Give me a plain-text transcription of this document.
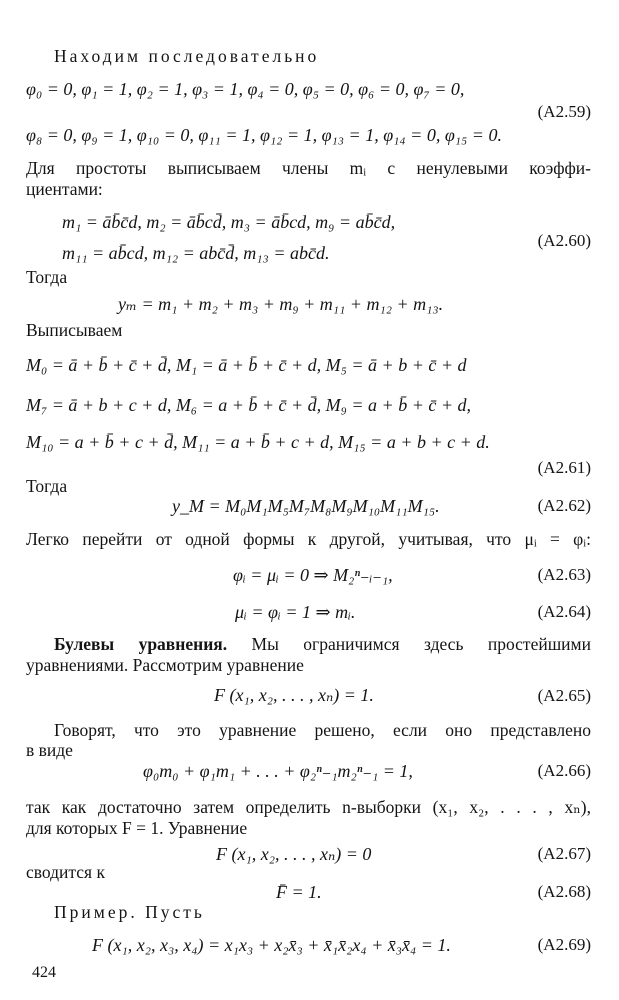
Находим последовательно
φ₀ = 0, φ₁ = 1, φ₂ = 1, φ₃ = 1, φ₄ = 0, φ₅ = 0, φ₆ = 0, φ₇ = 0,
(A2.59)
φ₈ = 0, φ₉ = 1, φ₁₀ = 0, φ₁₁ = 1, φ₁₂ = 1, φ₁₃ = 1, φ₁₄ = 0, φ₁₅ = 0.
Для простоты выписываем члены mᵢ с ненулевыми коэффи-
циентами:
m₁ = āb̄c̄d, m₂ = āb̄cd̄, m₃ = āb̄cd, m₉ = ab̄c̄d,
(A2.60)
m₁₁ = ab̄cd, m₁₂ = abc̄d̄, m₁₃ = abc̄d.
Тогда
yₘ = m₁ + m₂ + m₃ + m₉ + m₁₁ + m₁₂ + m₁₃.
Выписываем
M₀ = ā + b̄ + c̄ + d̄, M₁ = ā + b̄ + c̄ + d, M₅ = ā + b + c̄ + d
M₇ = ā + b + c + d, M₆ = a + b̄ + c̄ + d̄, M₉ = a + b̄ + c̄ + d,
M₁₀ = a + b̄ + c + d̄, M₁₁ = a + b̄ + c + d, M₁₅ = a + b + c + d.
(A2.61)
Тогда
y_M = M₀M₁M₅M₇M₈M₉M₁₀M₁₁M₁₅.	(A2.62)
Легко перейти от одной формы к другой, учитывая, что μᵢ = φᵢ:
φᵢ = μᵢ = 0 ⇒ M₂ⁿ₋ᵢ₋₁,	(A2.63)
μᵢ = φᵢ = 1 ⇒ mᵢ.	(A2.64)
Булевы уравнения. Мы ограничимся здесь простейшими
уравнениями. Рассмотрим уравнение
F (x₁, x₂, . . . , xₙ) = 1.	(A2.65)
Говорят, что это уравнение решено, если оно представлено
в виде
φ₀m₀ + φ₁m₁ + . . . + φ₂ⁿ₋₁m₂ⁿ₋₁ = 1,	(A2.66)
так как достаточно затем определить n-выборки (x₁, x₂, . . . , xₙ),
для которых F = 1. Уравнение
F (x₁, x₂, . . . , xₙ) = 0	(A2.67)
сводится к
F̄ = 1.	(A2.68)
Пример. Пусть
F (x₁, x₂, x₃, x₄) = x₁x₃ + x₂x̄₃ + x̄₁x̄₂x₄ + x̄₃x̄₄ = 1.	(A2.69)
424
